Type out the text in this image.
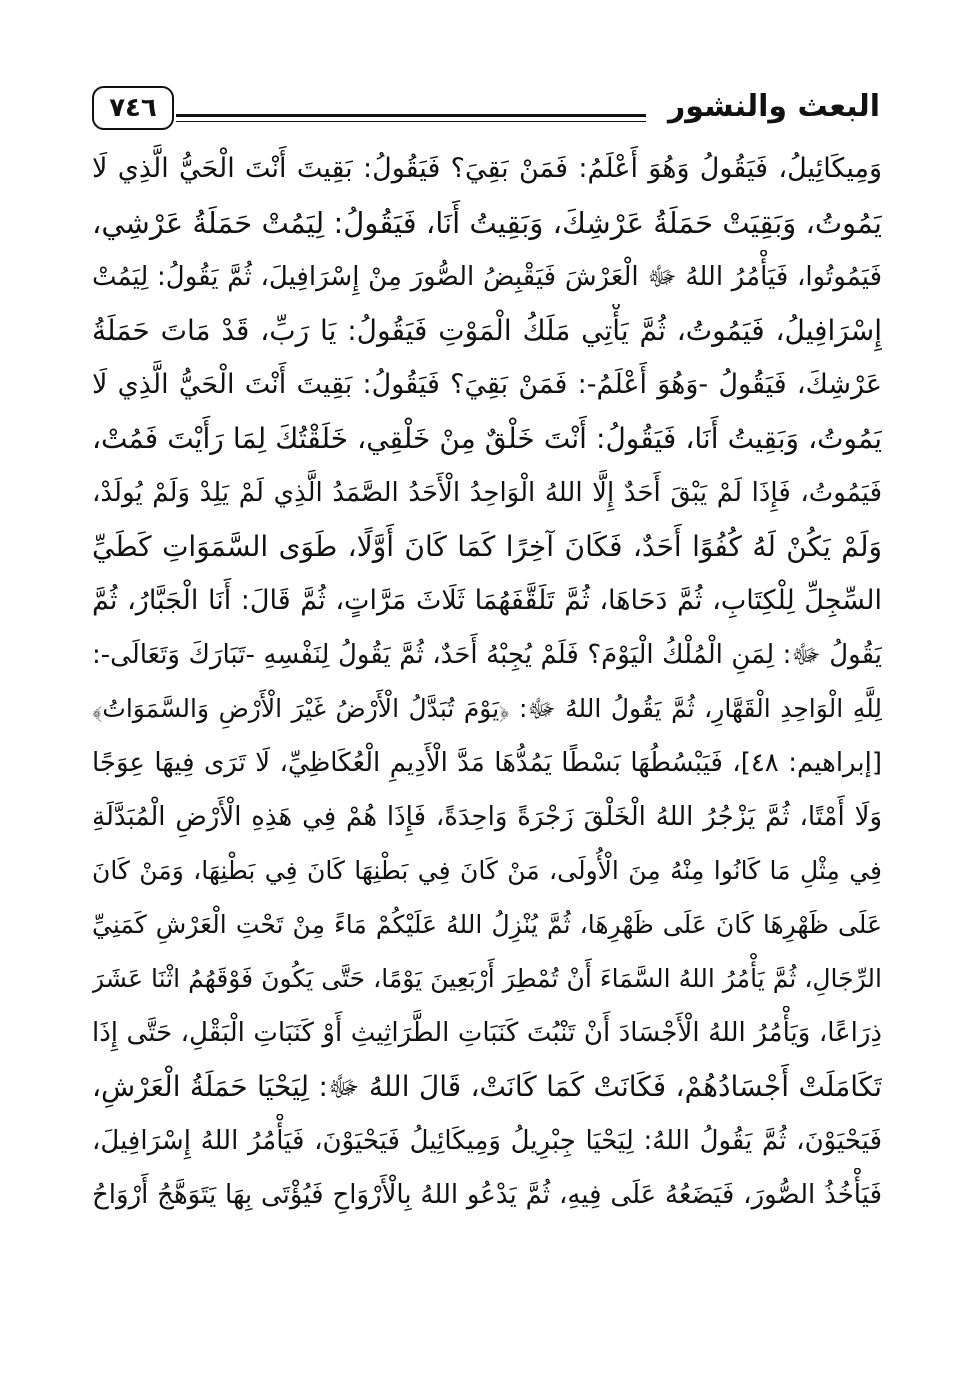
٧٤٦	البعث والنشور
وَمِيكَائِيلُ، فَيَقُولُ وَهُوَ أَعْلَمُ: فَمَنْ بَقِيَ؟ فَيَقُولُ: بَقِيتَ أَنْتَ الْحَيُّ الَّذِي لَا
يَمُوتُ، وَبَقِيَتْ حَمَلَةُ عَرْشِكَ، وَبَقِيتُ أَنَا، فَيَقُولُ: لِيَمُتْ حَمَلَةُ عَرْشِي،
فَيَمُوتُوا، فَيَأْمُرُ اللهُ ﷻ الْعَرْشَ فَيَقْبِضُ الصُّورَ مِنْ إِسْرَافِيلَ، ثُمَّ يَقُولُ: لِيَمُتْ
إِسْرَافِيلُ، فَيَمُوتُ، ثُمَّ يَأْتِي مَلَكُ الْمَوْتِ فَيَقُولُ: يَا رَبِّ، قَدْ مَاتَ حَمَلَةُ
عَرْشِكَ، فَيَقُولُ -وَهُوَ أَعْلَمُ-: فَمَنْ بَقِيَ؟ فَيَقُولُ: بَقِيتَ أَنْتَ الْحَيُّ الَّذِي لَا
يَمُوتُ، وَبَقِيتُ أَنَا، فَيَقُولُ: أَنْتَ خَلْقٌ مِنْ خَلْقِي، خَلَقْتُكَ لِمَا رَأَيْتَ فَمُتْ،
فَيَمُوتُ، فَإِذَا لَمْ يَبْقَ أَحَدٌ إِلَّا اللهُ الْوَاحِدُ الْأَحَدُ الصَّمَدُ الَّذِي لَمْ يَلِدْ وَلَمْ يُولَدْ،
وَلَمْ يَكُنْ لَهُ كُفُوًا أَحَدٌ، فَكَانَ آخِرًا كَمَا كَانَ أَوَّلًا، طَوَى السَّمَوَاتِ كَطَيِّ
السِّجِلِّ لِلْكِتَابِ، ثُمَّ دَحَاهَا، ثُمَّ تَلَقَّفَهُمَا ثَلَاثَ مَرَّاتٍ، ثُمَّ قَالَ: أَنَا الْجَبَّارُ، ثُمَّ
يَقُولُ ﷻ: لِمَنِ الْمُلْكُ الْيَوْمَ؟ فَلَمْ يُجِبْهُ أَحَدٌ، ثُمَّ يَقُولُ لِنَفْسِهِ -تَبَارَكَ وَتَعَالَى-:
لِلَّهِ الْوَاحِدِ الْقَهَّارِ، ثُمَّ يَقُولُ اللهُ ﷻ: ﴿يَوْمَ تُبَدَّلُ الْأَرْضُ غَيْرَ الْأَرْضِ وَالسَّمَوَاتُ﴾
[إبراهيم: ٤٨]، فَيَبْسُطُهَا بَسْطًا يَمُدُّهَا مَدَّ الْأَدِيمِ الْعُكَاظِيِّ، لَا تَرَى فِيهَا عِوَجًا
وَلَا أَمْتًا، ثُمَّ يَزْجُرُ اللهُ الْخَلْقَ زَجْرَةً وَاحِدَةً، فَإِذَا هُمْ فِي هَذِهِ الْأَرْضِ الْمُبَدَّلَةِ
فِي مِثْلِ مَا كَانُوا مِنْهُ مِنَ الْأُولَى، مَنْ كَانَ فِي بَطْنِهَا كَانَ فِي بَطْنِهَا، وَمَنْ كَانَ
عَلَى ظَهْرِهَا كَانَ عَلَى ظَهْرِهَا، ثُمَّ يُنْزِلُ اللهُ عَلَيْكُمْ مَاءً مِنْ تَحْتِ الْعَرْشِ كَمَنِيِّ
الرِّجَالِ، ثُمَّ يَأْمُرُ اللهُ السَّمَاءَ أَنْ تُمْطِرَ أَرْبَعِينَ يَوْمًا، حَتَّى يَكُونَ فَوْقَهُمُ اثْنَا عَشَرَ
ذِرَاعًا، وَيَأْمُرُ اللهُ الْأَجْسَادَ أَنْ تَنْبُتَ كَنَبَاتِ الطَّرَاثِيثِ أَوْ كَنَبَاتِ الْبَقْلِ، حَتَّى إِذَا
تَكَامَلَتْ أَجْسَادُهُمْ، فَكَانَتْ كَمَا كَانَتْ، قَالَ اللهُ ﷻ: لِيَحْيَا حَمَلَةُ الْعَرْشِ،
فَيَحْيَوْنَ، ثُمَّ يَقُولُ اللهُ: لِيَحْيَا جِبْرِيلُ وَمِيكَائِيلُ فَيَحْيَوْنَ، فَيَأْمُرُ اللهُ إِسْرَافِيلَ،
فَيَأْخُذُ الصُّورَ، فَيَضَعُهُ عَلَى فِيهِ، ثُمَّ يَدْعُو اللهُ بِالْأَرْوَاحِ فَيُؤْتَى بِهَا يَتَوَهَّجُ أَرْوَاحُ
